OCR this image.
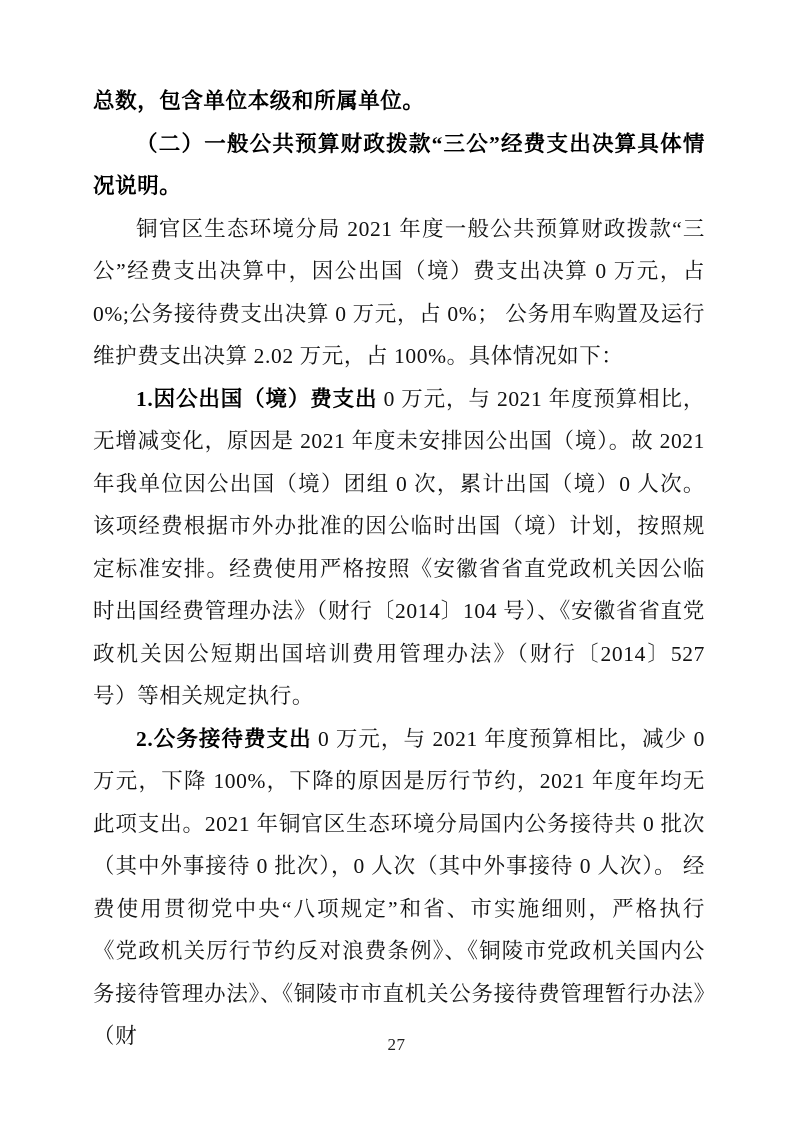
总数，包含单位本级和所属单位。

（二）一般公共预算财政拨款“三公”经费支出决算具体情况说明。

铜官区生态环境分局 2021 年度一般公共预算财政拨款“三公”经费支出决算中，因公出国（境）费支出决算 0 万元，占 0%;公务接待费支出决算 0 万元，占 0%； 公务用车购置及运行维护费支出决算 2.02 万元，占 100%。具体情况如下：

1.因公出国（境）费支出 0 万元，与 2021 年度预算相比，无增减变化，原因是 2021 年度未安排因公出国（境）。故 2021 年我单位因公出国（境）团组 0 次，累计出国（境）0 人次。该项经费根据市外办批准的因公临时出国（境）计划，按照规定标准安排。经费使用严格按照《安徽省省直党政机关因公临时出国经费管理办法》（财行〔2014〕104 号）、《安徽省省直党政机关因公短期出国培训费用管理办法》（财行〔2014〕527 号）等相关规定执行。

2.公务接待费支出 0 万元，与 2021 年度预算相比，减少 0 万元，下降 100%，下降的原因是厉行节约，2021 年度年均无此项支出。2021 年铜官区生态环境分局国内公务接待共 0 批次（其中外事接待 0 批次），0 人次（其中外事接待 0 人次）。 经费使用贯彻党中央“八项规定”和省、市实施细则，严格执行《党政机关厉行节约反对浪费条例》、《铜陵市党政机关国内公务接待管理办法》、《铜陵市市直机关公务接待费管理暂行办法》（财	27
